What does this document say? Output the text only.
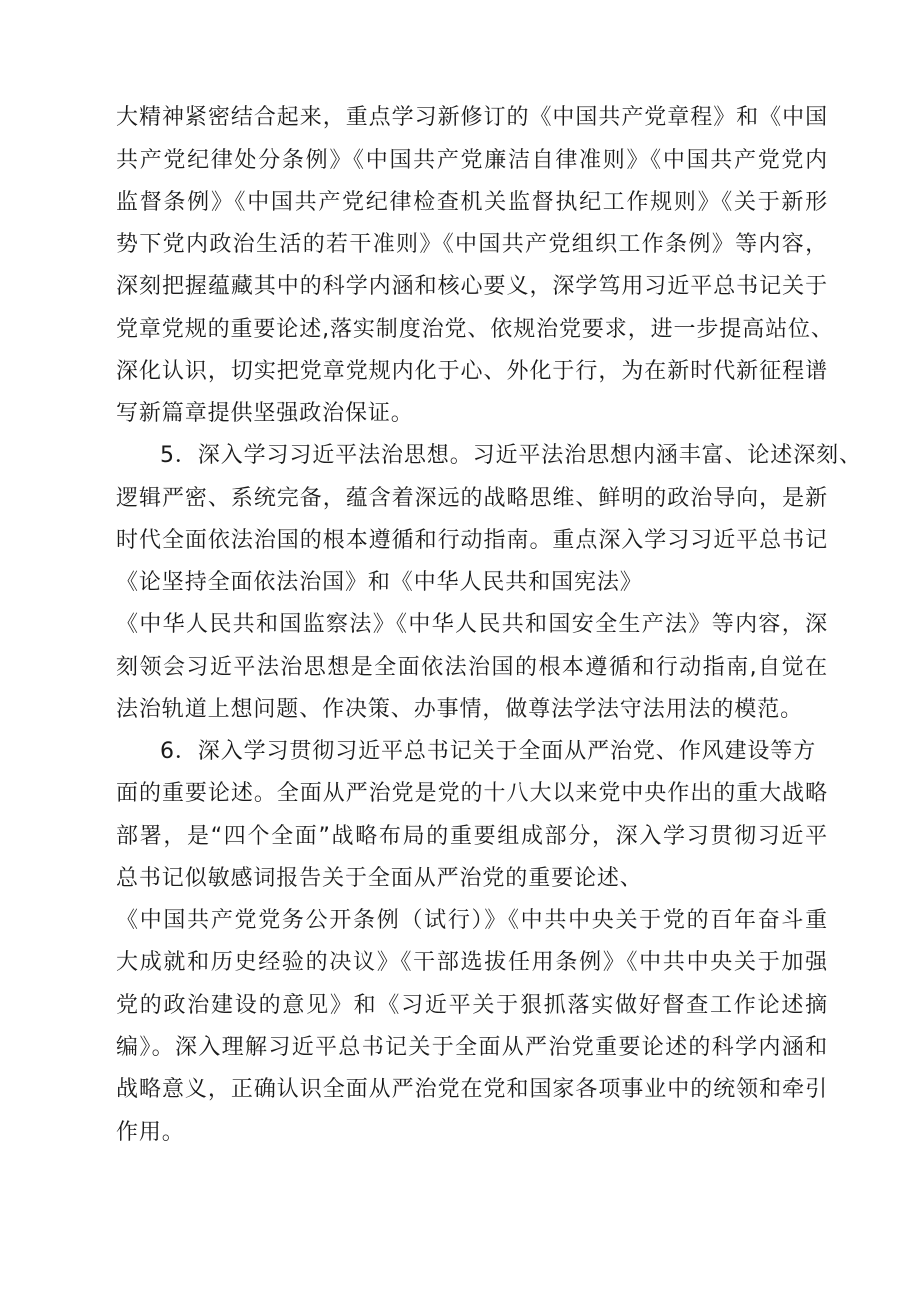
大精神紧密结合起来，重点学习新修订的《中国共产党章程》和《中国
共产党纪律处分条例》《中国共产党廉洁自律准则》《中国共产党党内
监督条例》《中国共产党纪律检查机关监督执纪工作规则》《关于新形
势下党内政治生活的若干准则》《中国共产党组织工作条例》等内容，
深刻把握蕴藏其中的科学内涵和核心要义，深学笃用习近平总书记关于
党章党规的重要论述,落实制度治党、依规治党要求，进一步提高站位、
深化认识，切实把党章党规内化于心、外化于行，为在新时代新征程谱
写新篇章提供坚强政治保证。
5．深入学习习近平法治思想。习近平法治思想内涵丰富、论述深刻、
逻辑严密、系统完备，蕴含着深远的战略思维、鲜明的政治导向，是新
时代全面依法治国的根本遵循和行动指南。重点深入学习习近平总书记
《论坚持全面依法治国》和《中华人民共和国宪法》
《中华人民共和国监察法》《中华人民共和国安全生产法》等内容，深
刻领会习近平法治思想是全面依法治国的根本遵循和行动指南,自觉在
法治轨道上想问题、作决策、办事情，做尊法学法守法用法的模范。
6．深入学习贯彻习近平总书记关于全面从严治党、作风建设等方
面的重要论述。全面从严治党是党的十八大以来党中央作出的重大战略
部署，是“四个全面”战略布局的重要组成部分，深入学习贯彻习近平
总书记似敏感词报告关于全面从严治党的重要论述、
《中国共产党党务公开条例（试行）》《中共中央关于党的百年奋斗重
大成就和历史经验的决议》《干部选拔任用条例》《中共中央关于加强
党的政治建设的意见》和《习近平关于狠抓落实做好督查工作论述摘
编》。深入理解习近平总书记关于全面从严治党重要论述的科学内涵和
战略意义，正确认识全面从严治党在党和国家各项事业中的统领和牵引
作用。
